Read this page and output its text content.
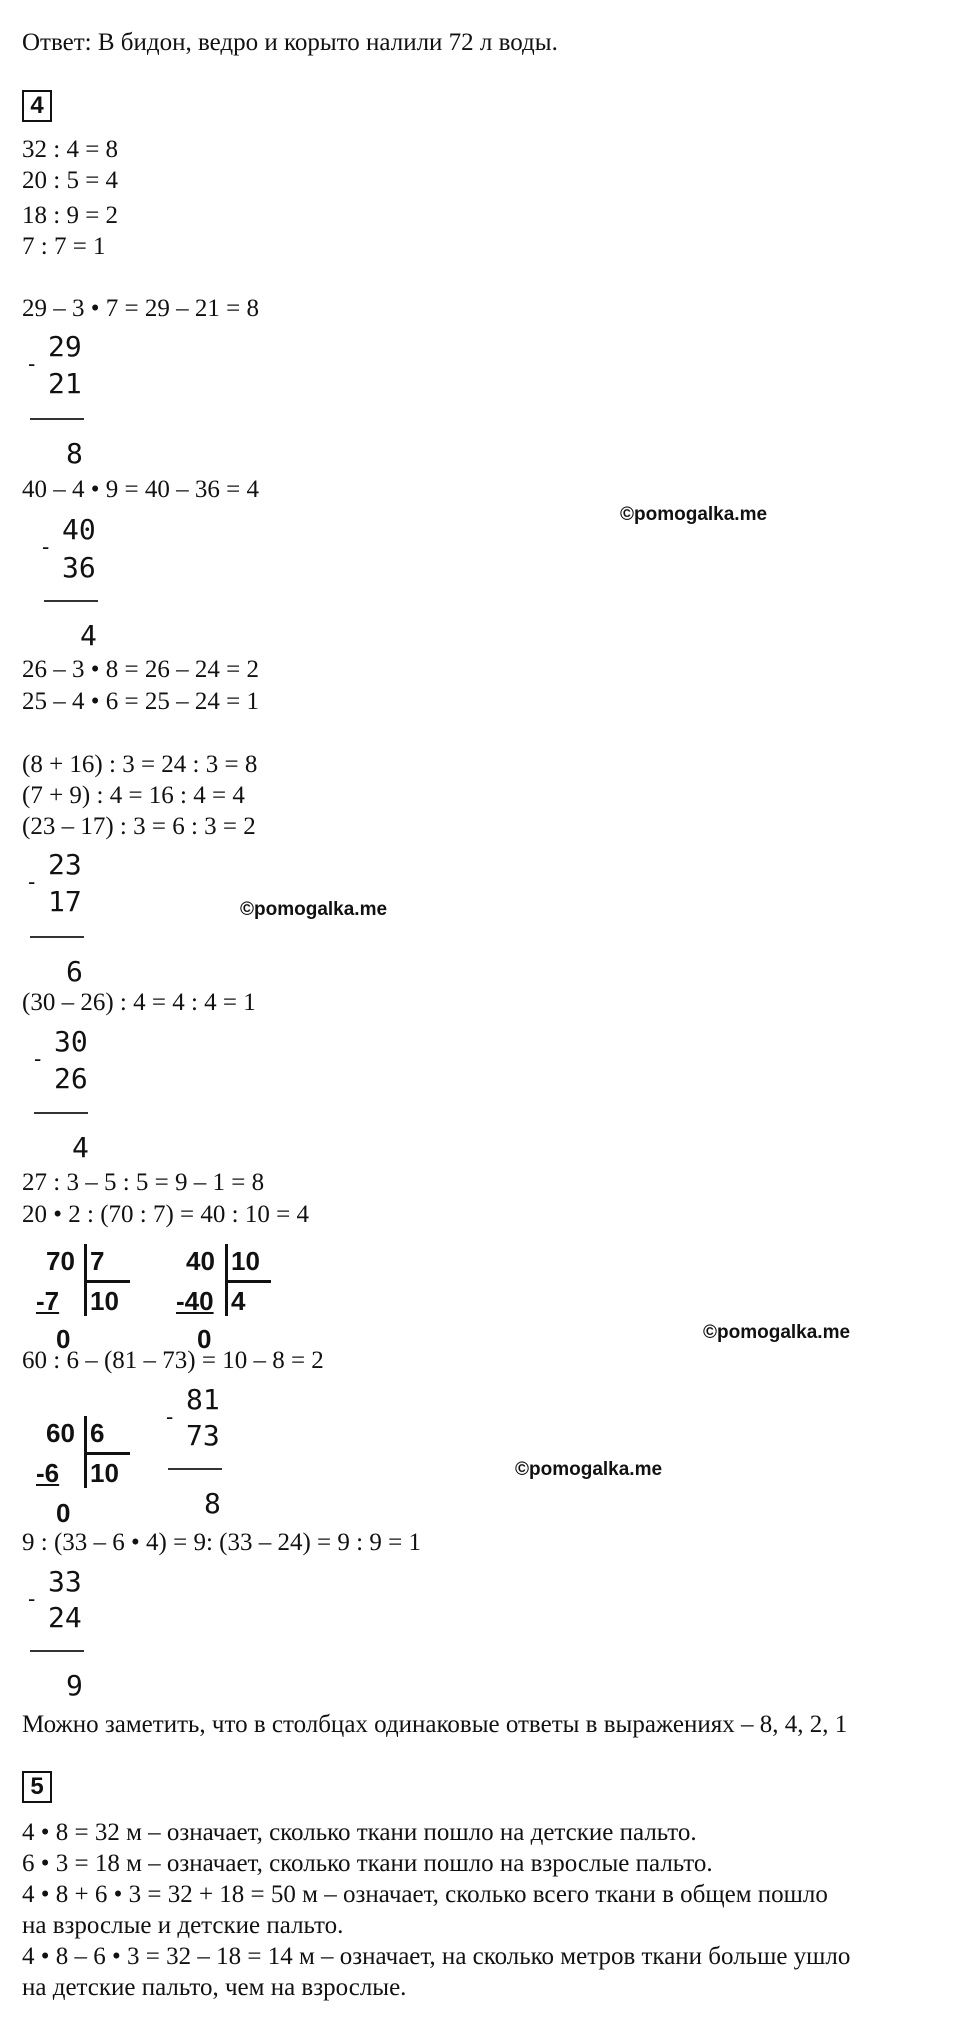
Ответ: В бидон, ведро и корыто налили 72 л воды.
4
32 : 4 = 8
20 : 5 = 4
18 : 9 = 2
7 : 7 = 1
29 – 3 • 7 = 29 – 21 = 8
-
29
21
8
40 – 4 • 9 = 40 – 36 = 4
-
40
36
4
26 – 3 • 8 = 26 – 24 = 2
25 – 4 • 6 = 25 – 24 = 1
(8 + 16) : 3 = 24 : 3 = 8
(7 + 9) : 4 = 16 : 4 = 4
(23 – 17) : 3 = 6 : 3 = 2
-
23
17
6
(30 – 26) : 4 = 4 : 4 = 1
-
30
26
4
27 : 3 – 5 : 5 = 9 – 1 = 8
20 • 2 : (70 : 7) = 40 : 10 = 4
70 7
-7 10
0
40 10
-40 4
0
60 : 6 – (81 – 73) = 10 – 8 = 2
60 6
-6 10
0
-
81
73
8
9 : (33 – 6 • 4) = 9: (33 – 24) = 9 : 9 = 1
-
33
24
9
Можно заметить, что в столбцах одинаковые ответы в выражениях – 8, 4, 2, 1
5
4 • 8 = 32 м – означает, сколько ткани пошло на детские пальто.
6 • 3 = 18 м – означает, сколько ткани пошло на взрослые пальто.
4 • 8 + 6 • 3 = 32 + 18 = 50 м – означает, сколько всего ткани в общем пошло
на взрослые и детские пальто.
4 • 8 – 6 • 3 = 32 – 18 = 14 м – означает, на сколько метров ткани больше ушло
на детские пальто, чем на взрослые.
©pomogalka.me
©pomogalka.me
©pomogalka.me
©pomogalka.me
